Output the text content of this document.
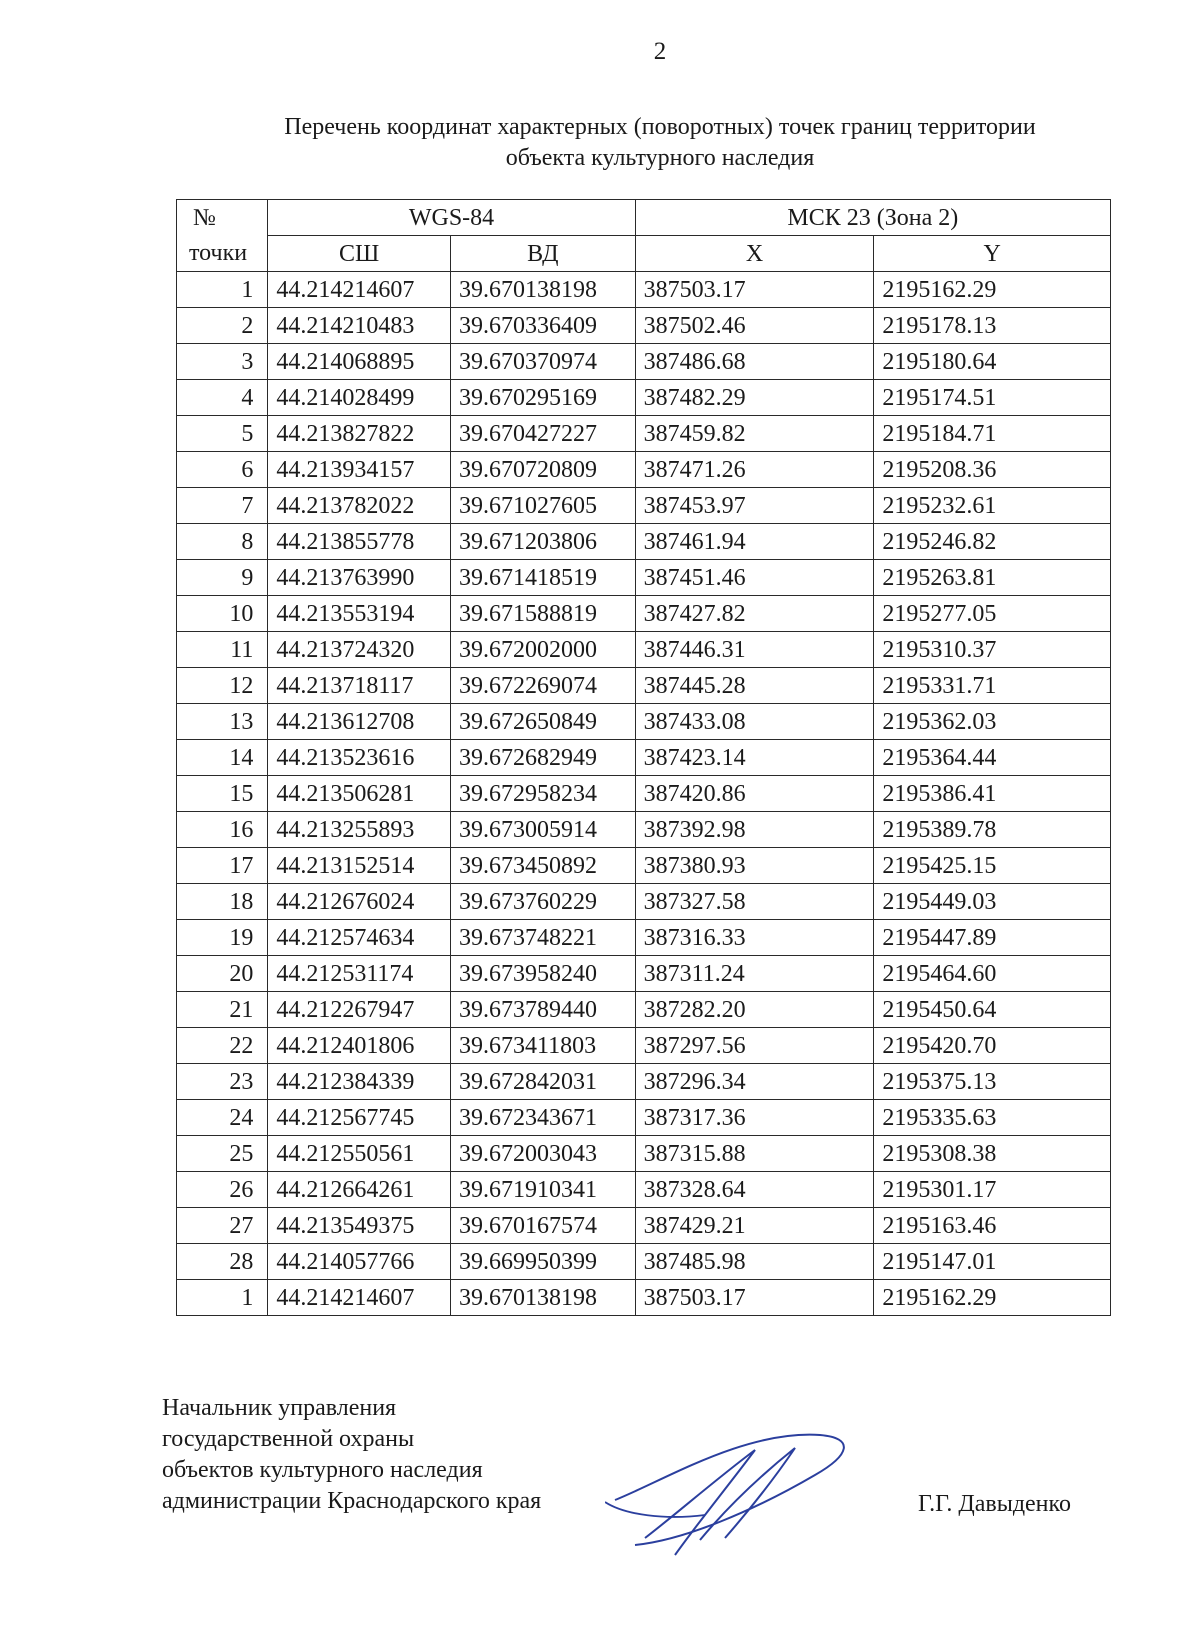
2
Перечень координат характерных (поворотных) точек границ территории
объекта культурного наследия
№	WGS-84		МСК 23 (Зона 2)	
точки	СШ	ВД	X	Y
1	44.214214607	39.670138198	387503.17	2195162.29
2	44.214210483	39.670336409	387502.46	2195178.13
3	44.214068895	39.670370974	387486.68	2195180.64
4	44.214028499	39.670295169	387482.29	2195174.51
5	44.213827822	39.670427227	387459.82	2195184.71
6	44.213934157	39.670720809	387471.26	2195208.36
7	44.213782022	39.671027605	387453.97	2195232.61
8	44.213855778	39.671203806	387461.94	2195246.82
9	44.213763990	39.671418519	387451.46	2195263.81
10	44.213553194	39.671588819	387427.82	2195277.05
11	44.213724320	39.672002000	387446.31	2195310.37
12	44.213718117	39.672269074	387445.28	2195331.71
13	44.213612708	39.672650849	387433.08	2195362.03
14	44.213523616	39.672682949	387423.14	2195364.44
15	44.213506281	39.672958234	387420.86	2195386.41
16	44.213255893	39.673005914	387392.98	2195389.78
17	44.213152514	39.673450892	387380.93	2195425.15
18	44.212676024	39.673760229	387327.58	2195449.03
19	44.212574634	39.673748221	387316.33	2195447.89
20	44.212531174	39.673958240	387311.24	2195464.60
21	44.212267947	39.673789440	387282.20	2195450.64
22	44.212401806	39.673411803	387297.56	2195420.70
23	44.212384339	39.672842031	387296.34	2195375.13
24	44.212567745	39.672343671	387317.36	2195335.63
25	44.212550561	39.672003043	387315.88	2195308.38
26	44.212664261	39.671910341	387328.64	2195301.17
27	44.213549375	39.670167574	387429.21	2195163.46
28	44.214057766	39.669950399	387485.98	2195147.01
1	44.214214607	39.670138198	387503.17	2195162.29
Начальник управления
государственной охраны
объектов культурного наследия
администрации Краснодарского края	Г.Г. Давыденко
